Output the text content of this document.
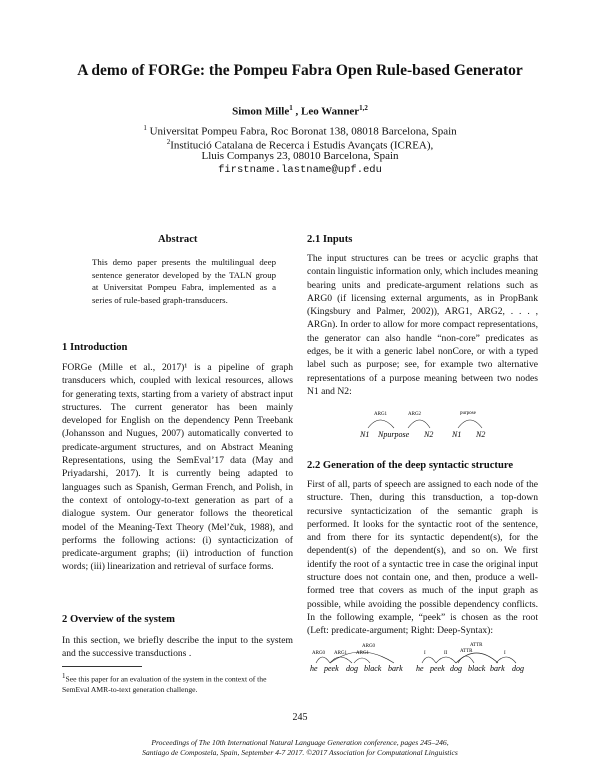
A demo of FORGe: the Pompeu Fabra Open Rule-based Generator
Simon Mille$^1$ , Leo Wanner$^{1,2}$
$^1$ Universitat Pompeu Fabra, Roc Boronat 138, 08018 Barcelona, Spain
$^2$Institució Catalana de Recerca i Estudis Avançats (ICREA),
Lluis Companys 23, 08010 Barcelona, Spain
firstname.lastname@upf.edu
Abstract
This demo paper presents the multilingual deep sentence generator developed by the TALN group at Universitat Pompeu Fabra, implemented as a series of rule-based graph-transducers.
1 Introduction
FORGe (Mille et al., 2017)¹ is a pipeline of graph transducers which, coupled with lexical resources, allows for generating texts, starting from a variety of abstract input structures. The current generator has been mainly developed for English on the dependency Penn Treebank (Johansson and Nugues, 2007) automatically converted to predicate-argument structures, and on Abstract Meaning Representations, using the SemEval’17 data (May and Priyadarshi, 2017). It is currently being adapted to languages such as Spanish, German French, and Polish, in the context of ontology-to-text generation as part of a dialogue system. Our generator follows the theoretical model of the Meaning-Text Theory (Mel’čuk, 1988), and performs the following actions: (i) syntacticization of predicate-argument graphs; (ii) introduction of function words; (iii) linearization and retrieval of surface forms.
2 Overview of the system
In this section, we briefly describe the input to the system and the successive transductions .
$^1$See this paper for an evaluation of the system in the context of the SemEval AMR-to-text generation challenge.
2.1 Inputs
The input structures can be trees or acyclic graphs that contain linguistic information only, which includes meaning bearing units and predicate-argument relations such as ARG0 (if licensing external arguments, as in PropBank (Kingsbury and Palmer, 2002)), ARG1, ARG2, . . . , ARGn). In order to allow for more compact representations, the generator can also handle “non-core” predicates as edges, be it with a generic label nonCore, or with a typed label such as purpose; see, for example two alternative representations of a purpose meaning between two nodes N1 and N2:
ARG1	ARG2	purpose
N1 Npurpose N2 N1 N2
2.2 Generation of the deep syntactic structure
First of all, parts of speech are assigned to each node of the structure. Then, during this transduction, a top-down recursive syntacticization of the semantic graph is performed. It looks for the syntactic root of the sentence, and from there for its syntactic dependent(s), for the dependent(s) of the dependent(s), and so on. We first identify the root of a syntactic tree in case the original input structure does not contain one, and then, produce a well-formed tree that covers as much of the input graph as possible, while avoiding the possible dependency conflicts. In the following example, “peek” is chosen as the root (Left: predicate-argument; Right: Deep-Syntax):
ARG0 ARG1 ARG1
ARG0
he peek dog black bark
I	II	ATTR
ATTR
I
he peek dog black bark dog
245
Proceedings of The 10th International Natural Language Generation conference, pages 245–246,
Santiago de Compostela, Spain, September 4-7 2017. ©2017 Association for Computational Linguistics
